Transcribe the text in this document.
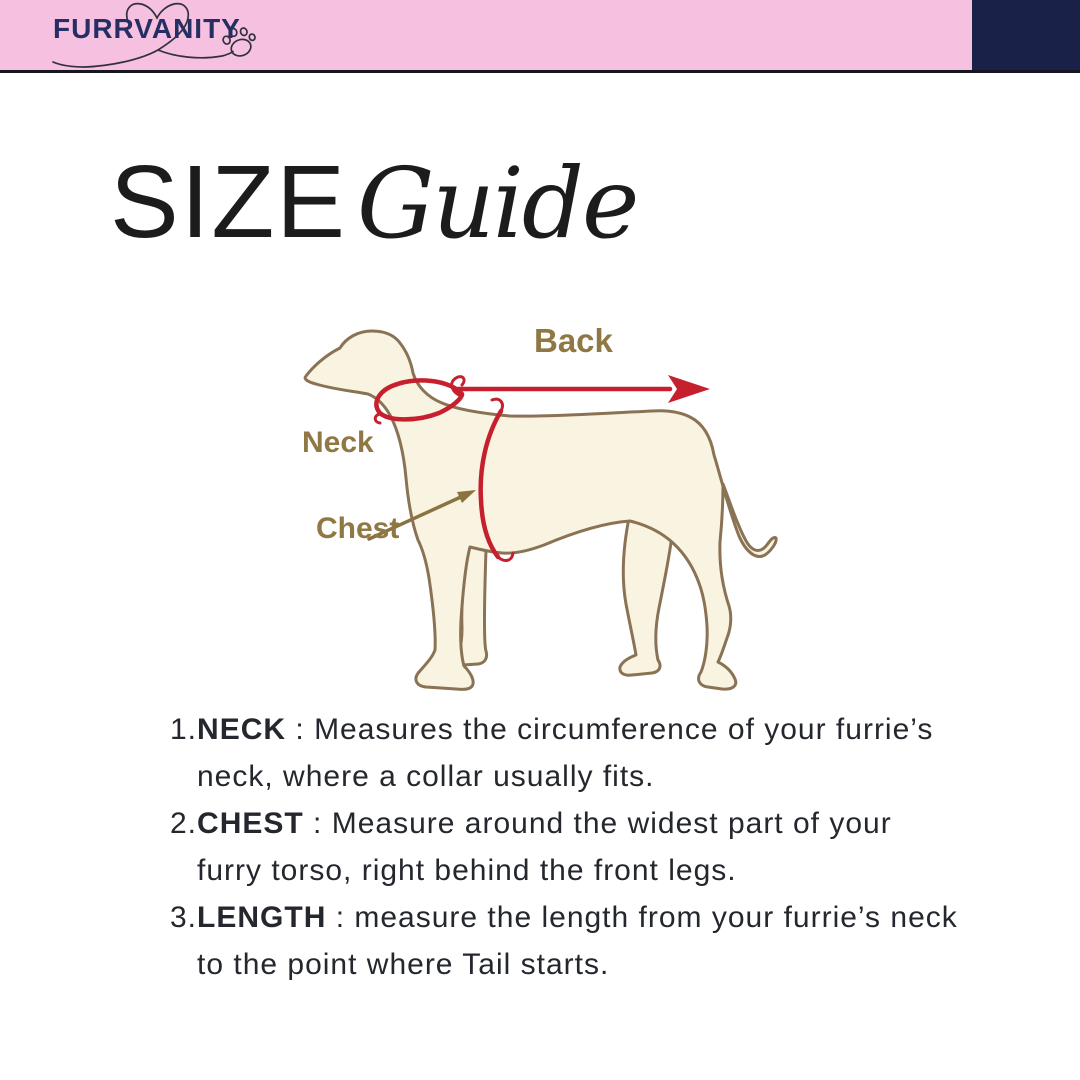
FURRVANITY
SIZE Guide
Back
Neck
Chest
1.NECK : Measures the circumference of your furrie’s neck, where a collar usually fits.
2.CHEST : Measure around the widest part of your furry torso, right behind the front legs.
3.LENGTH : measure the length from your furrie’s neck to the point where Tail starts.
